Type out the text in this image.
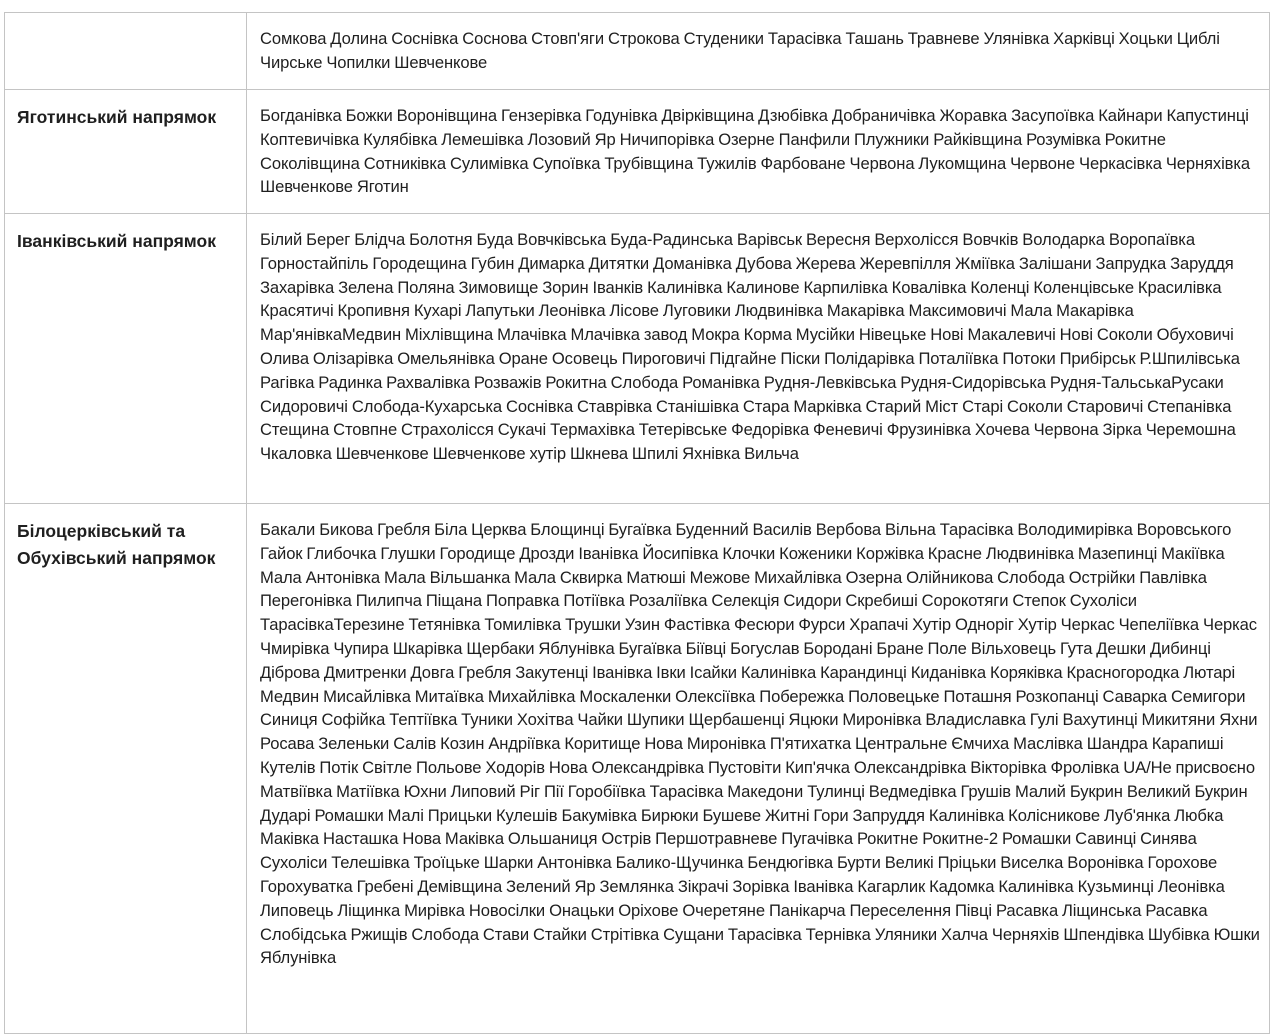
	Сомкова Долина Соснівка Соснова Стовп'яги Строкова Студеники Тарасівка Ташань Травневе Улянівка Харківці Хоцьки Циблі Чирське Чопилки Шевченкове
Яготинський напрямок	Богданівка Божки Воронівщина Гензерівка Годунівка Двірківщина Дзюбівка Добраничівка Жоравка Засупоївка Кайнари Капустинці Коптевичівка Кулябівка Лемешівка Лозовий Яр Ничипорівка Озерне Панфили Плужники Райківщина Розумівка Рокитне Соколівщина Сотниківка Сулимівка Супоївка Трубівщина Тужилів Фарбоване Червона Лукомщина Червоне Черкасівка Черняхівка Шевченкове Яготин
Іванківський напрямок	Білий Берег Блідча Болотня Буда Вовчківська Буда-Радинська Варівськ Вересня Верхолісся Вовчків Володарка Воропаївка Горностайпіль Городещина Губин Димарка Дитятки Доманівка Дубова Жерева Жеревпілля Жміївка Залішани Запрудка Заруддя Захарівка Зелена Поляна Зимовище Зорин Іванків Калинівка Калинове Карпилівка Ковалівка Коленці Коленцівське Красилівка Красятичі Кропивня Кухарі Лапутьки Леонівка Лісове Луговики Людвинівка Макарівка Максимовичі Мала Макарівка Мар'янівкаМедвин Міхлівщина Млачівка Млачівка завод Мокра Корма Мусійки Нівецьке Нові Макалевичі Нові Соколи Обуховичі Олива Олізарівка Омельянівка Оране Осовець Пироговичі Підгайне Піски Полідарівка Поталіївка Потоки Прибірськ Р.Шпилівська Рагівка Радинка Рахвалівка Розважів Рокитна Слобода Романівка Рудня-Левківська Рудня-Сидорівська Рудня-ТальськаРусаки Сидоровичі Слобода-Кухарська Соснівка Ставрівка Станішівка Стара Марківка Старий Міст Старі Соколи Старовичі Степанівка Стещина Стовпне Страхолісся Сукачі Термахівка Тетерівське Федорівка Феневичі Фрузинівка Хочева Червона Зірка Черемошна Чкаловка Шевченкове Шевченкове хутір Шкнева Шпилі Яхнівка Вильча
Білоцерківський та Обухівський напрямок	Бакали Бикова Гребля Біла Церква Блощинці Бугаївка Буденний Василів Вербова Вільна Тарасівка Володимирівка Воровського Гайок Глибочка Глушки Городище Дрозди Іванівка Йосипівка Клочки Коженики Коржівка Красне Людвинівка Мазепинці Макіївка Мала Антонівка Мала Вільшанка Мала Сквирка Матюші Межове Михайлівка Озерна Олійникова Слобода Острійки Павлівка Перегонівка Пилипча Піщана Поправка Потіївка Розаліївка Селекція Сидори Скребиші Сорокотяги Степок Сухоліси ТарасівкаТерезине Тетянівка Томилівка Трушки Узин Фастівка Фесюри Фурси Храпачі Хутір Одноріг Хутір Черкас Чепеліївка Черкас Чмирівка Чупира Шкарівка Щербаки Яблунівка Бугаївка Біївці Богуслав Бородані Бране Поле Вільховець Гута Дешки Дибинці Діброва Дмитренки Довга Гребля Закутенці Іванівка Івки Ісайки Калинівка Карандинці Киданівка Коряківка Красногородка Лютарі Медвин Мисайлівка Митаївка Михайлівка Москаленки Олексіївка Побережка Половецьке Поташня Розкопанці Саварка Семигори Синиця Софійка Тептіївка Туники Хохітва Чайки Шупики Щербашенці Яцюки Миронівка Владиславка Гулі Вахутинці Микитяни Яхни Росава Зеленьки Салів Козин Андріївка Коритище Нова Миронівка П'ятихатка Центральне Ємчиха Маслівка Шандра Карапиші Кутелів Потік Світле Польове Ходорів Нова Олександрівка Пустовіти Кип'ячка Олександрівка Вікторівка Фролівка UA/Не присвоєно Матвіївка Матіївка Юхни Липовий Ріг Пії Горобіївка Тарасівка Македони Тулинці Ведмедівка Грушів Малий Букрин Великий Букрин Дударі Ромашки Малі Прицьки Кулешів Бакумівка Бирюки Бушеве Житні Гори Запруддя Калинівка Колісникове Луб'янка Любка Маківка Насташка Нова Маківка Ольшаниця Острів Першотравневе Пугачівка Рокитне Рокитне-2 Ромашки Савинці Синява Сухоліси Телешівка Троїцьке Шарки Антонівка Балико-Щучинка Бендюгівка Бурти Великі Пріцьки Виселка Воронівка Горохове Горохуватка Гребені Демівщина Зелений Яр Землянка Зікрачі Зорівка Іванівка Кагарлик Кадомка Калинівка Кузьминці Леонівка Липовець Ліщинка Мирівка Новосілки Онацьки Оріхове Очеретяне Панікарча Переселення Півці Расавка Ліщинська Расавка Слобідська Ржищів Слобода Стави Стайки Стрітівка Сущани Тарасівка Тернівка Уляники Халча Черняхів Шпендівка Шубівка Юшки Яблунівка
